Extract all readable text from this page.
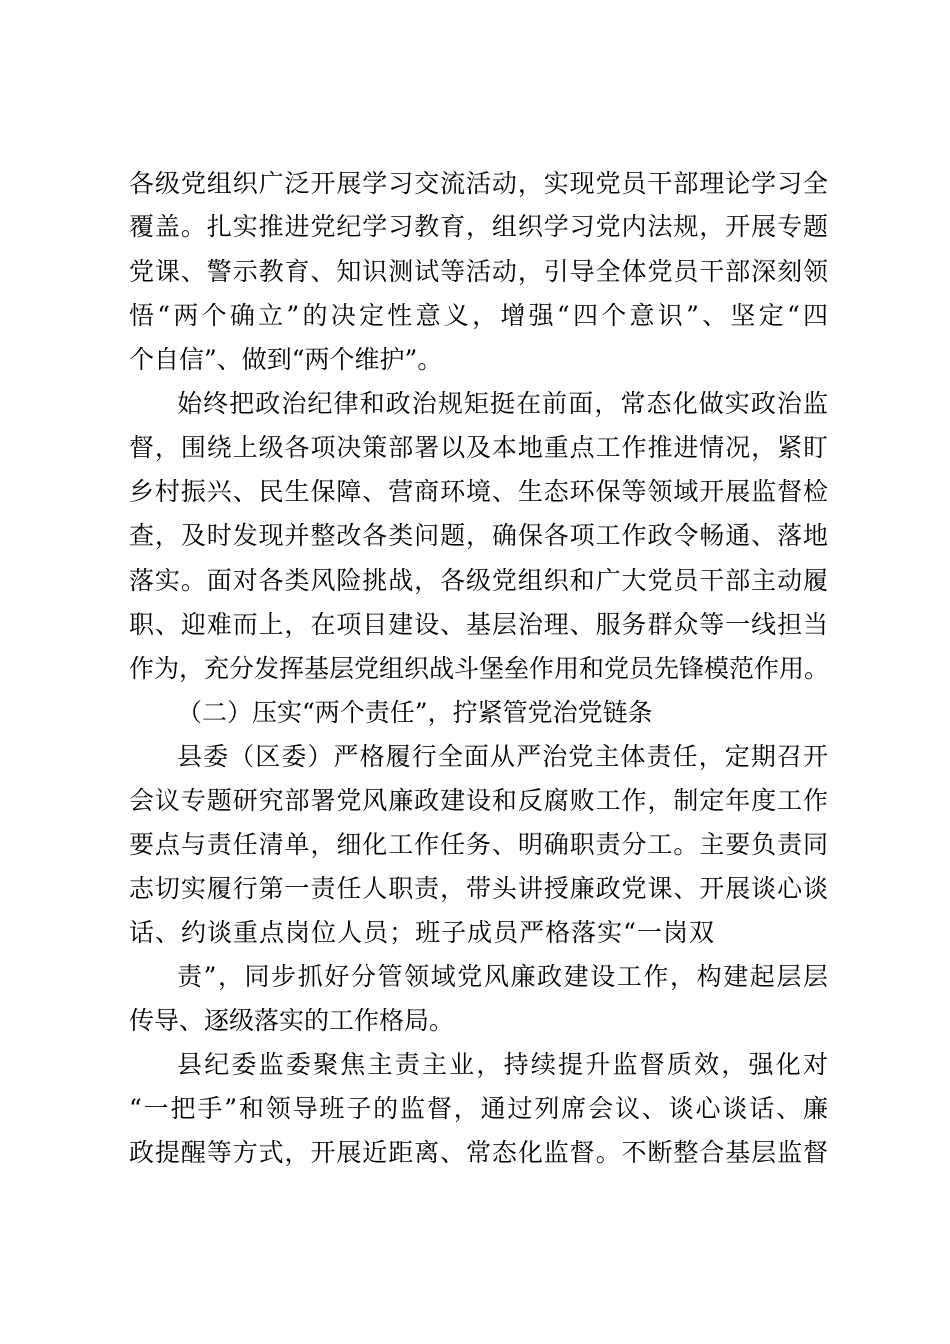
各级党组织广泛开展学习交流活动，实现党员干部理论学习全

覆盖。扎实推进党纪学习教育，组织学习党内法规，开展专题

党课、警示教育、知识测试等活动，引导全体党员干部深刻领

悟“两个确立”的决定性意义，增强“四个意识”、坚定“四

个自信”、做到“两个维护”。

始终把政治纪律和政治规矩挺在前面，常态化做实政治监

督，围绕上级各项决策部署以及本地重点工作推进情况，紧盯

乡村振兴、民生保障、营商环境、生态环保等领域开展监督检

查，及时发现并整改各类问题，确保各项工作政令畅通、落地

落实。面对各类风险挑战，各级党组织和广大党员干部主动履

职、迎难而上，在项目建设、基层治理、服务群众等一线担当

作为，充分发挥基层党组织战斗堡垒作用和党员先锋模范作用。

（二）压实“两个责任”，拧紧管党治党链条

县委（区委）严格履行全面从严治党主体责任，定期召开

会议专题研究部署党风廉政建设和反腐败工作，制定年度工作

要点与责任清单，细化工作任务、明确职责分工。主要负责同

志切实履行第一责任人职责，带头讲授廉政党课、开展谈心谈

话、约谈重点岗位人员；班子成员严格落实“一岗双

责”，同步抓好分管领域党风廉政建设工作，构建起层层

传导、逐级落实的工作格局。

县纪委监委聚焦主责主业，持续提升监督质效，强化对

“一把手”和领导班子的监督，通过列席会议、谈心谈话、廉

政提醒等方式，开展近距离、常态化监督。不断整合基层监督
